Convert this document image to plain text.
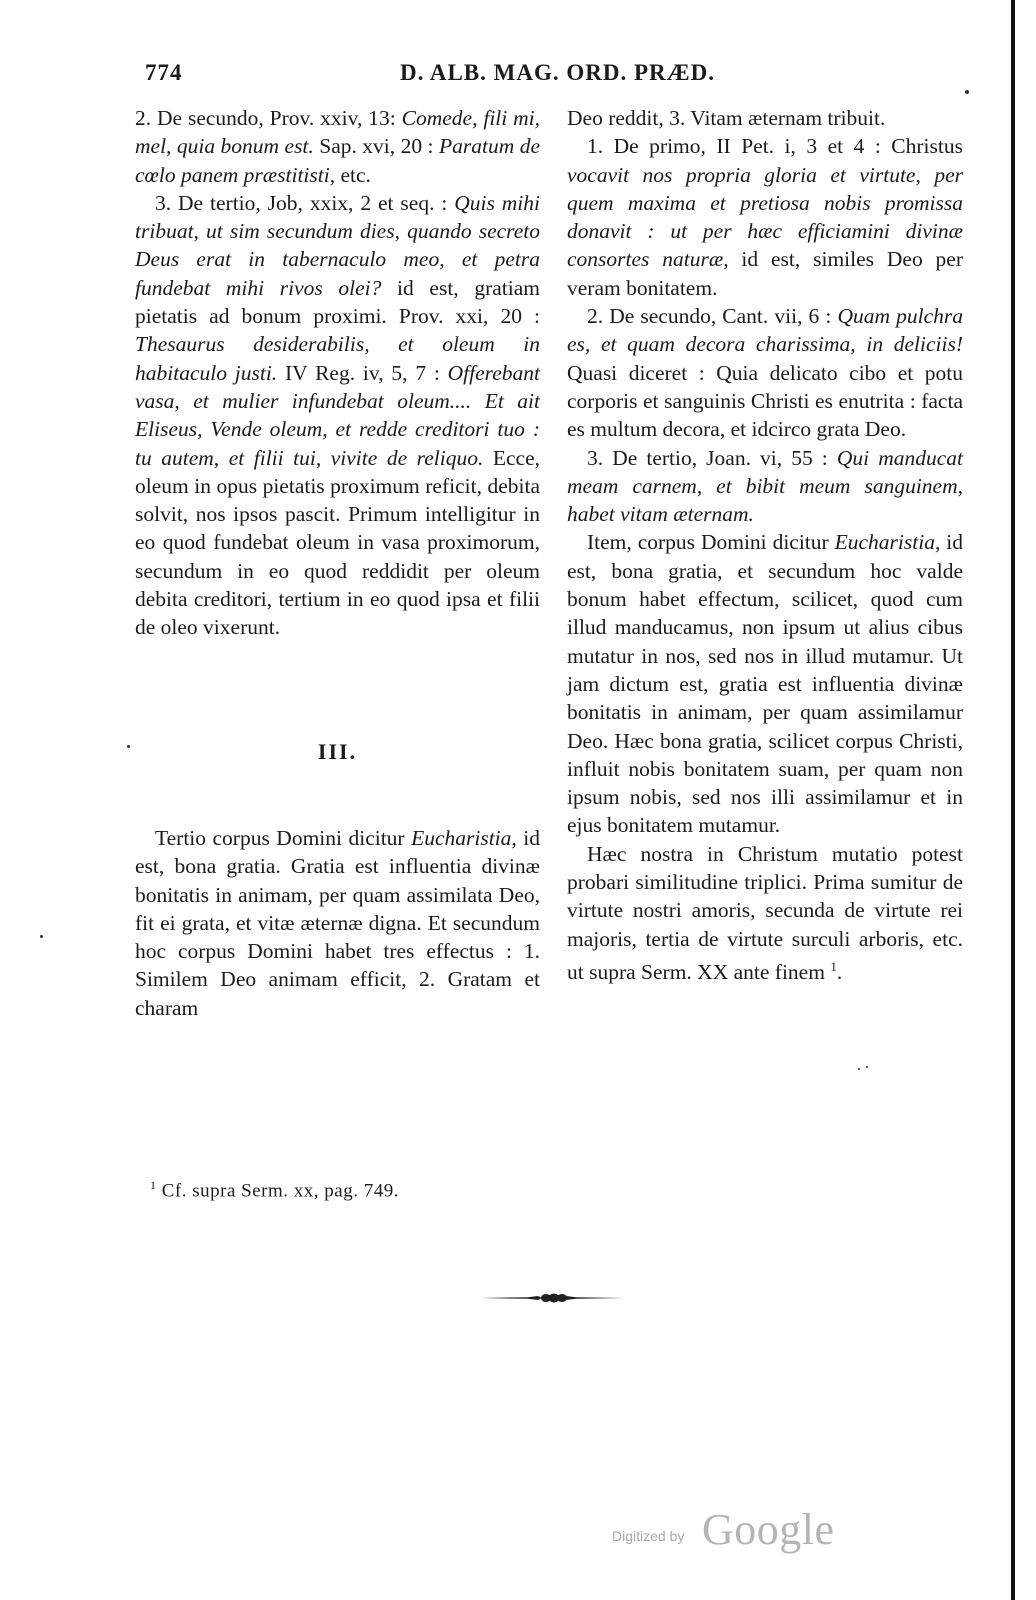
774	D. ALB. MAG. ORD. PRÆD.

2. De secundo, Prov. xxiv, 13: Comede, fili mi, mel, quia bonum est. Sap. xvi, 20 : Paratum de cœlo panem præstitisti, etc.

3. De tertio, Job, xxix, 2 et seq. : Quis mihi tribuat, ut sim secundum dies, quando secreto Deus erat in tabernaculo meo, et petra fundebat mihi rivos olei? id est, gratiam pietatis ad bonum proximi. Prov. xxi, 20 : Thesaurus desiderabilis, et oleum in habitaculo justi. IV Reg. iv, 5, 7 : Offerebant vasa, et mulier infundebat oleum.... Et ait Eliseus, Vende oleum, et redde creditori tuo : tu autem, et filii tui, vivite de reliquo. Ecce, oleum in opus pietatis proximum reficit, debita solvit, nos ipsos pascit. Primum intelligitur in eo quod fundebat oleum in vasa proximorum, secundum in eo quod reddidit per oleum debita creditori, tertium in eo quod ipsa et filii de oleo vixerunt.

III.

Tertio corpus Domini dicitur Eucharistia, id est, bona gratia. Gratia est influentia divinæ bonitatis in animam, per quam assimilata Deo, fit ei grata, et vitæ æternæ digna. Et secundum hoc corpus Domini habet tres effectus : 1. Similem Deo animam efficit, 2. Gratam et charam

Deo reddit, 3. Vitam æternam tribuit.

1. De primo, II Pet. i, 3 et 4 : Christus vocavit nos propria gloria et virtute, per quem maxima et pretiosa nobis promissa donavit : ut per hæc efficiamini divinæ consortes naturæ, id est, similes Deo per veram bonitatem.

2. De secundo, Cant. vii, 6 : Quam pulchra es, et quam decora charissima, in deliciis! Quasi diceret : Quia delicato cibo et potu corporis et sanguinis Christi es enutrita : facta es multum decora, et idcirco grata Deo.

3. De tertio, Joan. vi, 55 : Qui manducat meam carnem, et bibit meum sanguinem, habet vitam æternam.

Item, corpus Domini dicitur Eucharistia, id est, bona gratia, et secundum hoc valde bonum habet effectum, scilicet, quod cum illud manducamus, non ipsum ut alius cibus mutatur in nos, sed nos in illud mutamur. Ut jam dictum est, gratia est influentia divinæ bonitatis in animam, per quam assimilamur Deo. Hæc bona gratia, scilicet corpus Christi, influit nobis bonitatem suam, per quam non ipsum nobis, sed nos illi assimilamur et in ejus bonitatem mutamur.

Hæc nostra in Christum mutatio potest probari similitudine triplici. Prima sumitur de virtute nostri amoris, secunda de virtute rei majoris, tertia de virtute surculi arboris, etc. ut supra Serm. XX ante finem $^1$.

$^1$ Cf. supra Serm. xx, pag. 749.
Digitized by Google
